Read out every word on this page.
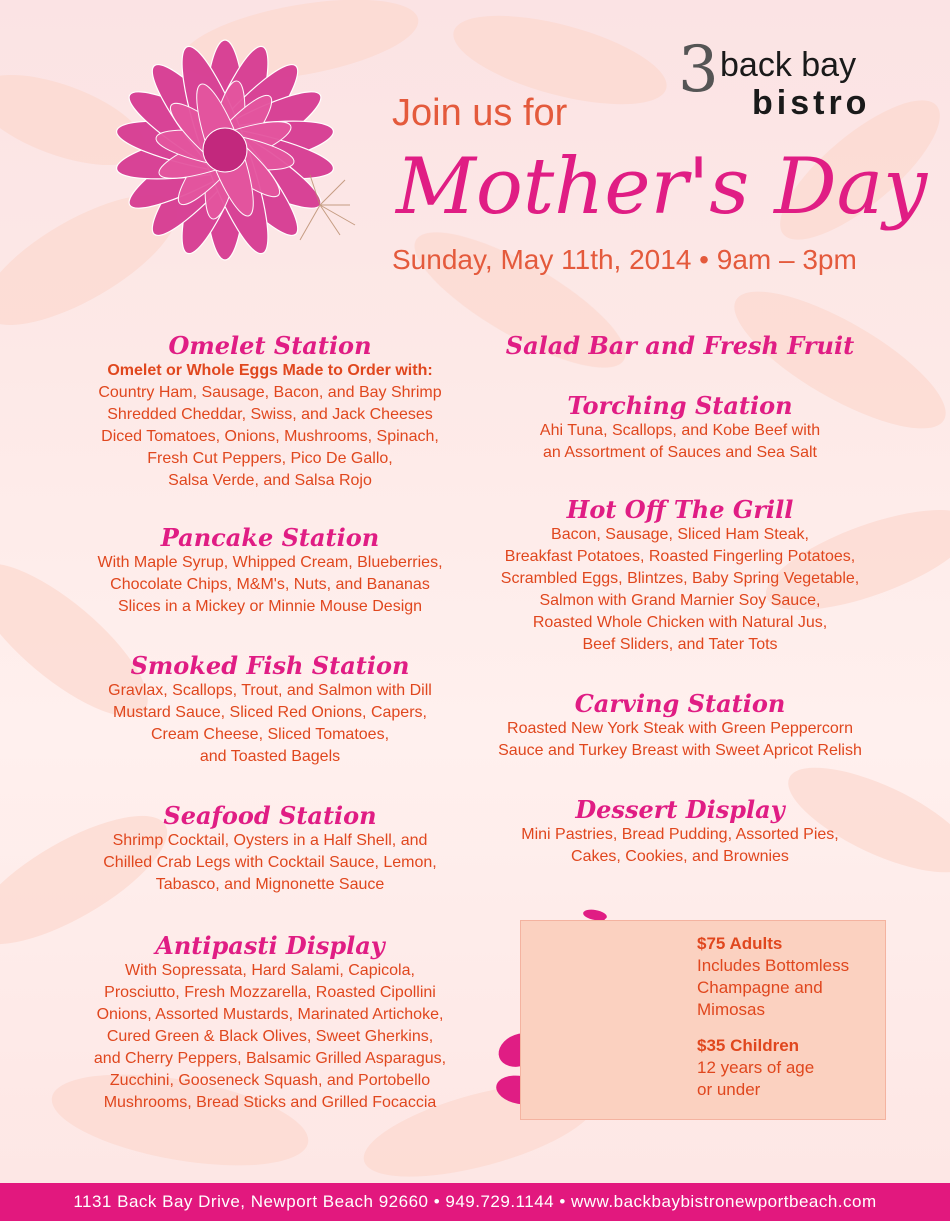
3 back bay
bistro
Join us for
Mother's Day
Sunday, May 11th, 2014 • 9am – 3pm
Omelet Station

Omelet or Whole Eggs Made to Order with:

Country Ham, Sausage, Bacon, and Bay Shrimp

Shredded Cheddar, Swiss, and Jack Cheeses

Diced Tomatoes, Onions, Mushrooms, Spinach,

Fresh Cut Peppers, Pico De Gallo,

Salsa Verde, and Salsa Rojo

Pancake Station

With Maple Syrup, Whipped Cream, Blueberries,

Chocolate Chips, M&M's, Nuts, and Bananas

Slices in a Mickey or Minnie Mouse Design

Smoked Fish Station

Gravlax, Scallops, Trout, and Salmon with Dill

Mustard Sauce, Sliced Red Onions, Capers,

Cream Cheese, Sliced Tomatoes,

and Toasted Bagels

Seafood Station

Shrimp Cocktail, Oysters in a Half Shell, and

Chilled Crab Legs with Cocktail Sauce, Lemon,

Tabasco, and Mignonette Sauce

Antipasti Display

With Sopressata, Hard Salami, Capicola,

Prosciutto, Fresh Mozzarella, Roasted Cipollini

Onions, Assorted Mustards, Marinated Artichoke,

Cured Green & Black Olives, Sweet Gherkins,

and Cherry Peppers, Balsamic Grilled Asparagus,

Zucchini, Gooseneck Squash, and Portobello

Mushrooms, Bread Sticks and Grilled Focaccia

Salad Bar and Fresh Fruit
Torching Station

Ahi Tuna, Scallops, and Kobe Beef with

an Assortment of Sauces and Sea Salt

Hot Off The Grill

Bacon, Sausage, Sliced Ham Steak,

Breakfast Potatoes, Roasted Fingerling Potatoes,

Scrambled Eggs, Blintzes, Baby Spring Vegetable,

Salmon with Grand Marnier Soy Sauce,

Roasted Whole Chicken with Natural Jus,

Beef Sliders, and Tater Tots

Carving Station

Roasted New York Steak with Green Peppercorn

Sauce and Turkey Breast with Sweet Apricot Relish

Dessert Display

Mini Pastries, Bread Pudding, Assorted Pies,

Cakes, Cookies, and Brownies

$75 Adults
Includes Bottomless
Champagne and
Mimosas
$35 Children
12 years of age
or under
1131 Back Bay Drive, Newport Beach 92660 • 949.729.1144 • www.backbaybistronewportbeach.com
